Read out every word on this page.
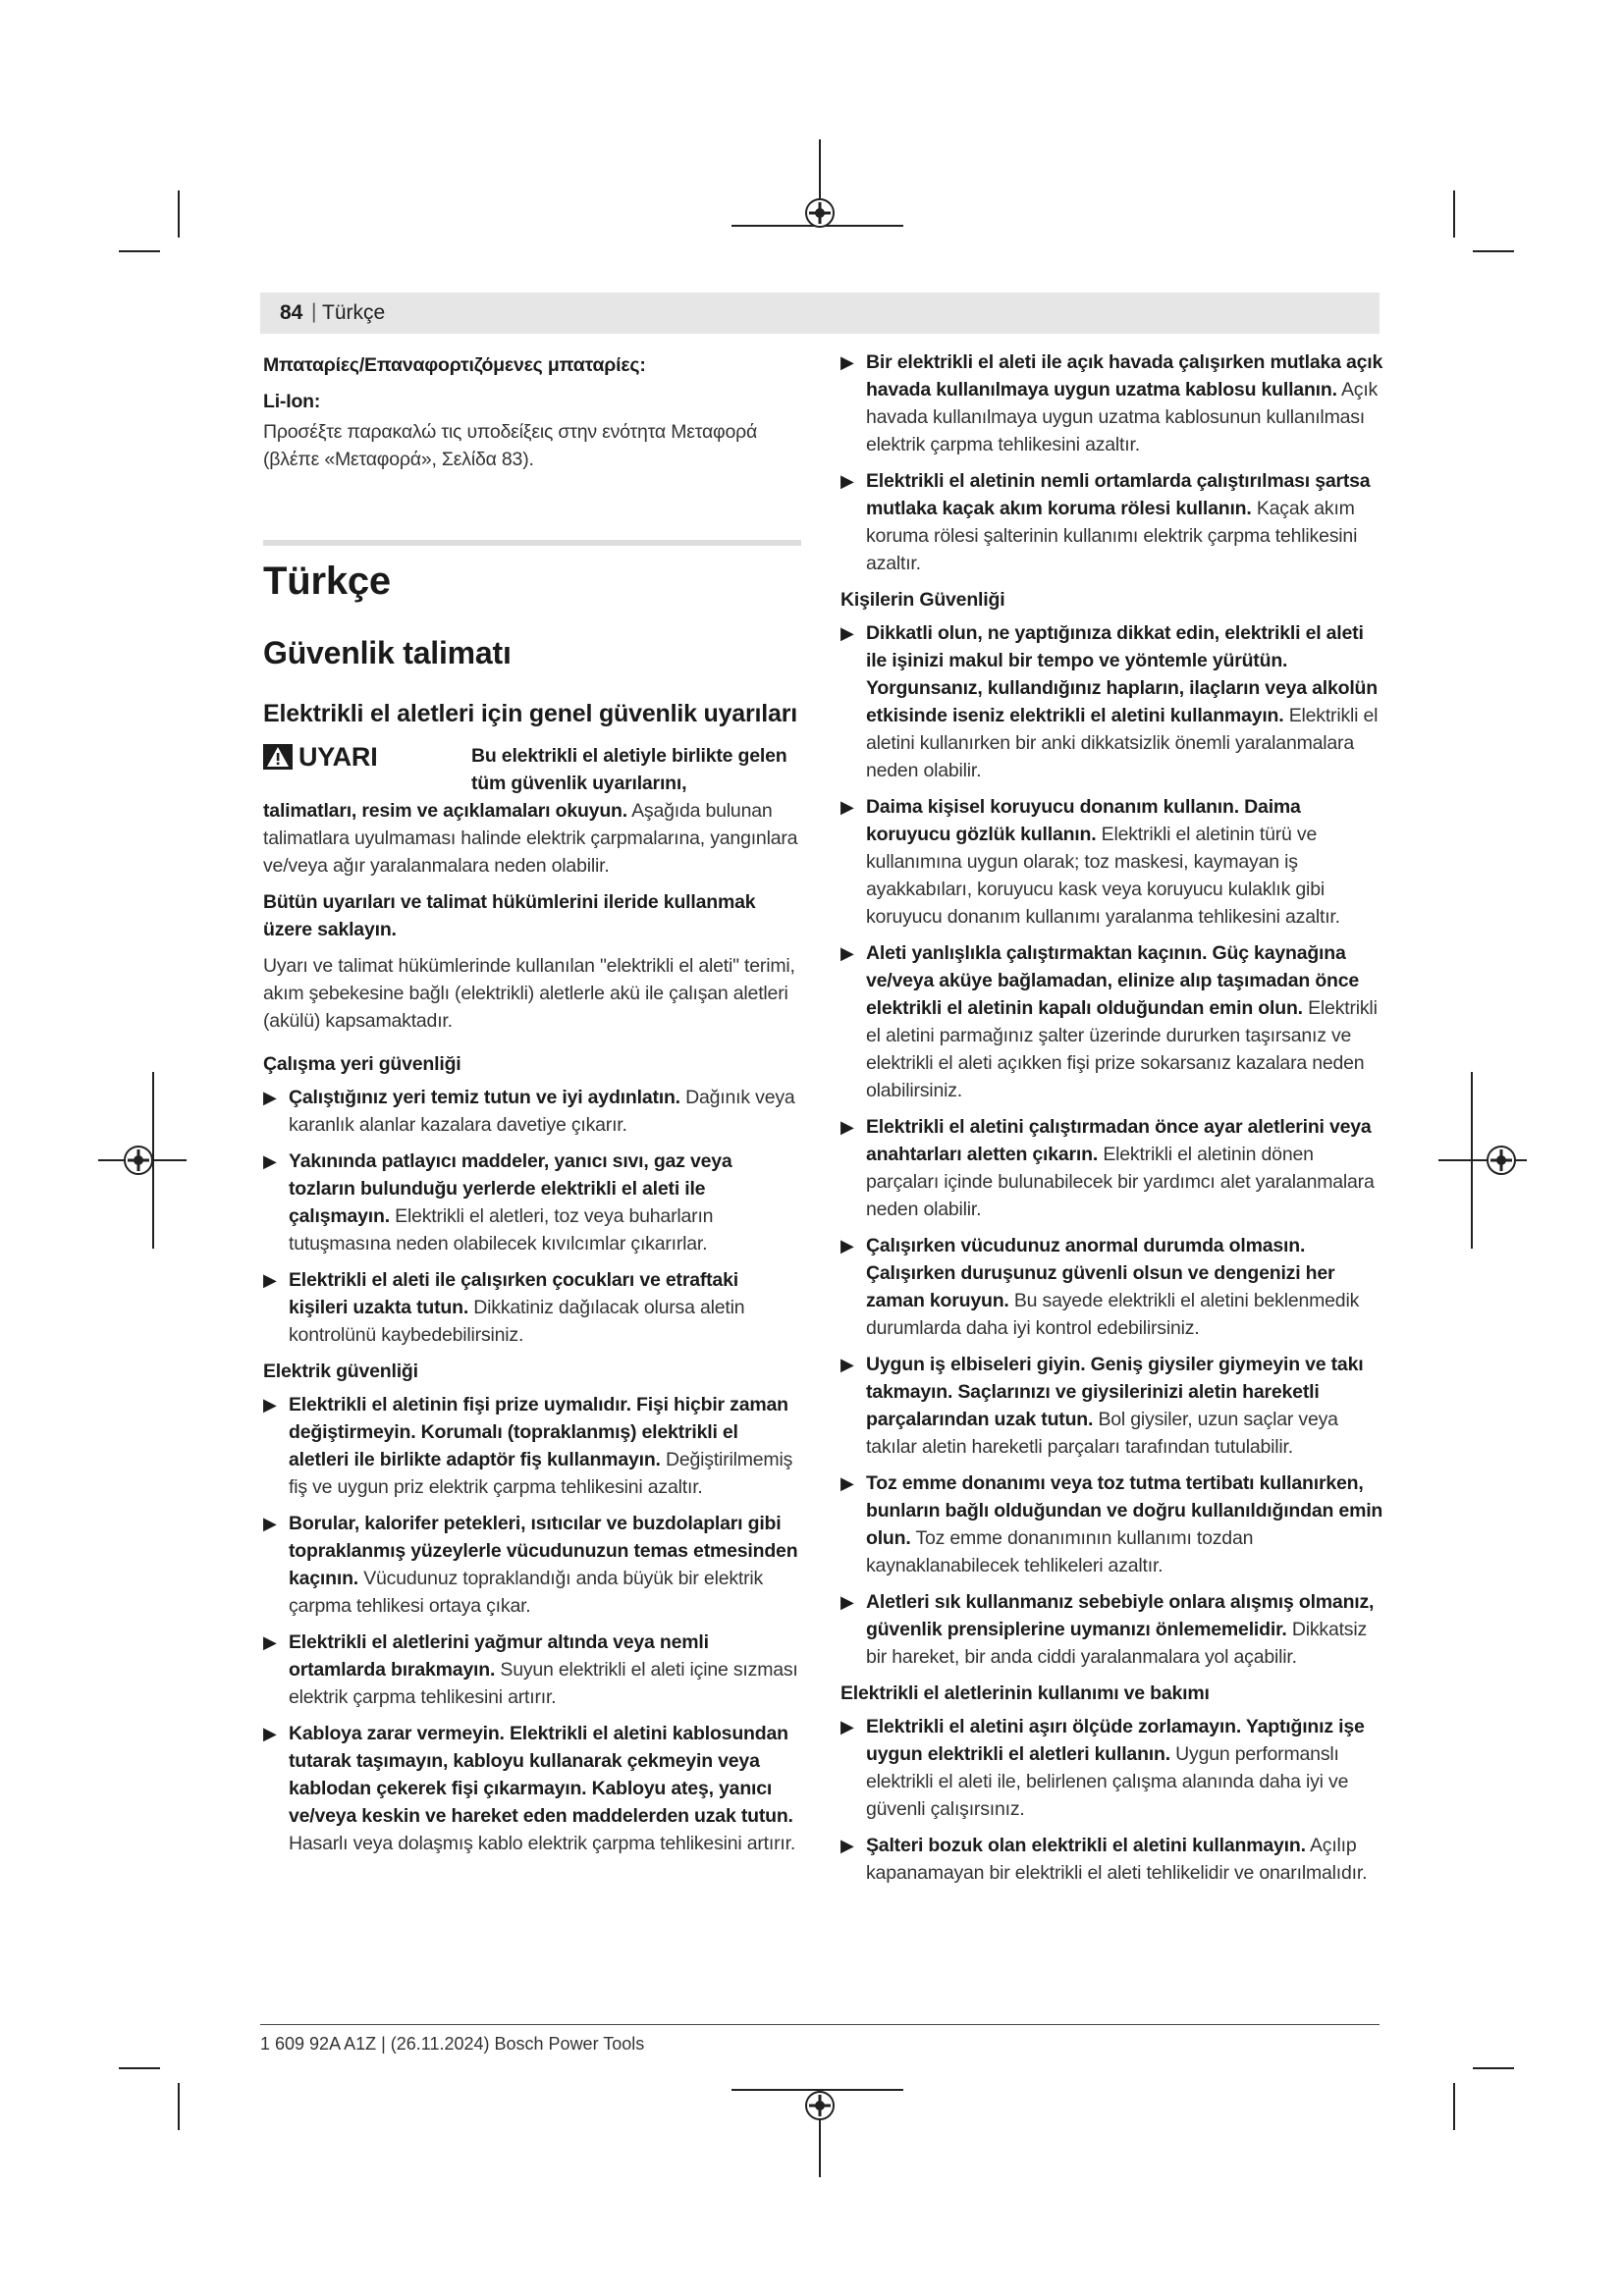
84 | Türkçe

Μπαταρίες/Επαναφορτιζόμενες μπαταρίες:

Li-Ion:

Προσέξτε παρακαλώ τις υποδείξεις στην ενότητα Μεταφορά (βλέπε «Μεταφορά», Σελίδα 83).

Türkçe
Güvenlik talimatı
Elektrikli el aletleri için genel güvenlik uyarıları
UYARI	Bu elektrikli el aletiyle birlikte gelen tüm güvenlik uyarılarını,

talimatları, resim ve açıklamaları okuyun. Aşağıda bulunan talimatlara uyulmaması halinde elektrik çarpmalarına, yangınlara ve/veya ağır yaralanmalara neden olabilir.

Bütün uyarıları ve talimat hükümlerini ileride kullanmak üzere saklayın.

Uyarı ve talimat hükümlerinde kullanılan "elektrikli el aleti" terimi, akım şebekesine bağlı (elektrikli) aletlerle akü ile çalışan aletleri (akülü) kapsamaktadır.

Çalışma yeri güvenliği

▶ Çalıştığınız yeri temiz tutun ve iyi aydınlatın. Dağınık veya karanlık alanlar kazalara davetiye çıkarır.
▶ Yakınında patlayıcı maddeler, yanıcı sıvı, gaz veya tozların bulunduğu yerlerde elektrikli el aleti ile çalışmayın. Elektrikli el aletleri, toz veya buharların tutuşmasına neden olabilecek kıvılcımlar çıkarırlar.
▶ Elektrikli el aleti ile çalışırken çocukları ve etraftaki kişileri uzakta tutun. Dikkatiniz dağılacak olursa aletin kontrolünü kaybedebilirsiniz.

Elektrik güvenliği

▶ Elektrikli el aletinin fişi prize uymalıdır. Fişi hiçbir zaman değiştirmeyin. Korumalı (topraklanmış) elektrikli el aletleri ile birlikte adaptör fiş kullanmayın. Değiştirilmemiş fiş ve uygun priz elektrik çarpma tehlikesini azaltır.
▶ Borular, kalorifer petekleri, ısıtıcılar ve buzdolapları gibi topraklanmış yüzeylerle vücudunuzun temas etmesinden kaçının. Vücudunuz topraklandığı anda büyük bir elektrik çarpma tehlikesi ortaya çıkar.
▶ Elektrikli el aletlerini yağmur altında veya nemli ortamlarda bırakmayın. Suyun elektrikli el aleti içine sızması elektrik çarpma tehlikesini artırır.
▶ Kabloya zarar vermeyin. Elektrikli el aletini kablosundan tutarak taşımayın, kabloyu kullanarak çekmeyin veya kablodan çekerek fişi çıkarmayın. Kabloyu ateş, yanıcı ve/veya keskin ve hareket eden maddelerden uzak tutun. Hasarlı veya dolaşmış kablo elektrik çarpma tehlikesini artırır.
▶ Bir elektrikli el aleti ile açık havada çalışırken mutlaka açık havada kullanılmaya uygun uzatma kablosu kullanın. Açık havada kullanılmaya uygun uzatma kablosunun kullanılması elektrik çarpma tehlikesini azaltır.
▶ Elektrikli el aletinin nemli ortamlarda çalıştırılması şartsa mutlaka kaçak akım koruma rölesi kullanın. Kaçak akım koruma rölesi şalterinin kullanımı elektrik çarpma tehlikesini azaltır.

Kişilerin Güvenliği

▶ Dikkatli olun, ne yaptığınıza dikkat edin, elektrikli el aleti ile işinizi makul bir tempo ve yöntemle yürütün. Yorgunsanız, kullandığınız hapların, ilaçların veya alkolün etkisinde iseniz elektrikli el aletini kullanmayın. Elektrikli el aletini kullanırken bir anki dikkatsizlik önemli yaralanmalara neden olabilir.
▶ Daima kişisel koruyucu donanım kullanın. Daima koruyucu gözlük kullanın. Elektrikli el aletinin türü ve kullanımına uygun olarak; toz maskesi, kaymayan iş ayakkabıları, koruyucu kask veya koruyucu kulaklık gibi koruyucu donanım kullanımı yaralanma tehlikesini azaltır.
▶ Aleti yanlışlıkla çalıştırmaktan kaçının. Güç kaynağına ve/veya aküye bağlamadan, elinize alıp taşımadan önce elektrikli el aletinin kapalı olduğundan emin olun. Elektrikli el aletini parmağınız şalter üzerinde dururken taşırsanız ve elektrikli el aleti açıkken fişi prize sokarsanız kazalara neden olabilirsiniz.
▶ Elektrikli el aletini çalıştırmadan önce ayar aletlerini veya anahtarları aletten çıkarın. Elektrikli el aletinin dönen parçaları içinde bulunabilecek bir yardımcı alet yaralanmalara neden olabilir.
▶ Çalışırken vücudunuz anormal durumda olmasın. Çalışırken duruşunuz güvenli olsun ve dengenizi her zaman koruyun. Bu sayede elektrikli el aletini beklenmedik durumlarda daha iyi kontrol edebilirsiniz.
▶ Uygun iş elbiseleri giyin. Geniş giysiler giymeyin ve takı takmayın. Saçlarınızı ve giysilerinizi aletin hareketli parçalarından uzak tutun. Bol giysiler, uzun saçlar veya takılar aletin hareketli parçaları tarafından tutulabilir.
▶ Toz emme donanımı veya toz tutma tertibatı kullanırken, bunların bağlı olduğundan ve doğru kullanıldığından emin olun. Toz emme donanımının kullanımı tozdan kaynaklanabilecek tehlikeleri azaltır.
▶ Aletleri sık kullanmanız sebebiyle onlara alışmış olmanız, güvenlik prensiplerine uymanızı önlememelidir. Dikkatsiz bir hareket, bir anda ciddi yaralanmalara yol açabilir.

Elektrikli el aletlerinin kullanımı ve bakımı

▶ Elektrikli el aletini aşırı ölçüde zorlamayın. Yaptığınız işe uygun elektrikli el aletleri kullanın. Uygun performanslı elektrikli el aleti ile, belirlenen çalışma alanında daha iyi ve güvenli çalışırsınız.
▶ Şalteri bozuk olan elektrikli el aletini kullanmayın. Açılıp kapanamayan bir elektrikli el aleti tehlikelidir ve onarılmalıdır.
1 609 92A A1Z | (26.11.2024) Bosch Power Tools
